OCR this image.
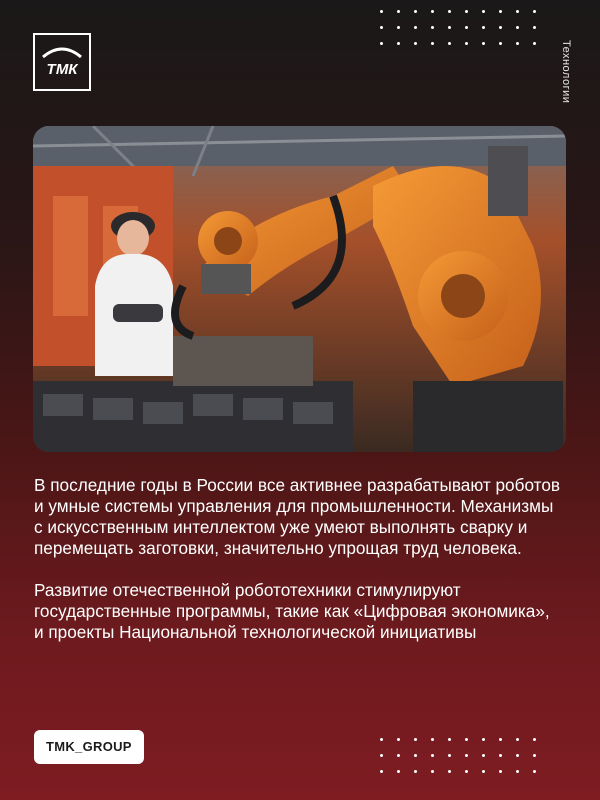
ТМК	Технологии

В последние годы в России все активнее разрабатывают роботов и умные системы управления для промышленности. Механизмы с искусственным интеллектом уже умеют выполнять сварку и перемещать заготовки, значительно упрощая труд человека.

Развитие отечественной робототехники стимулируют государственные программы, такие как «Цифровая экономика», и проекты Национальной технологической инициативы

TMK_GROUP
